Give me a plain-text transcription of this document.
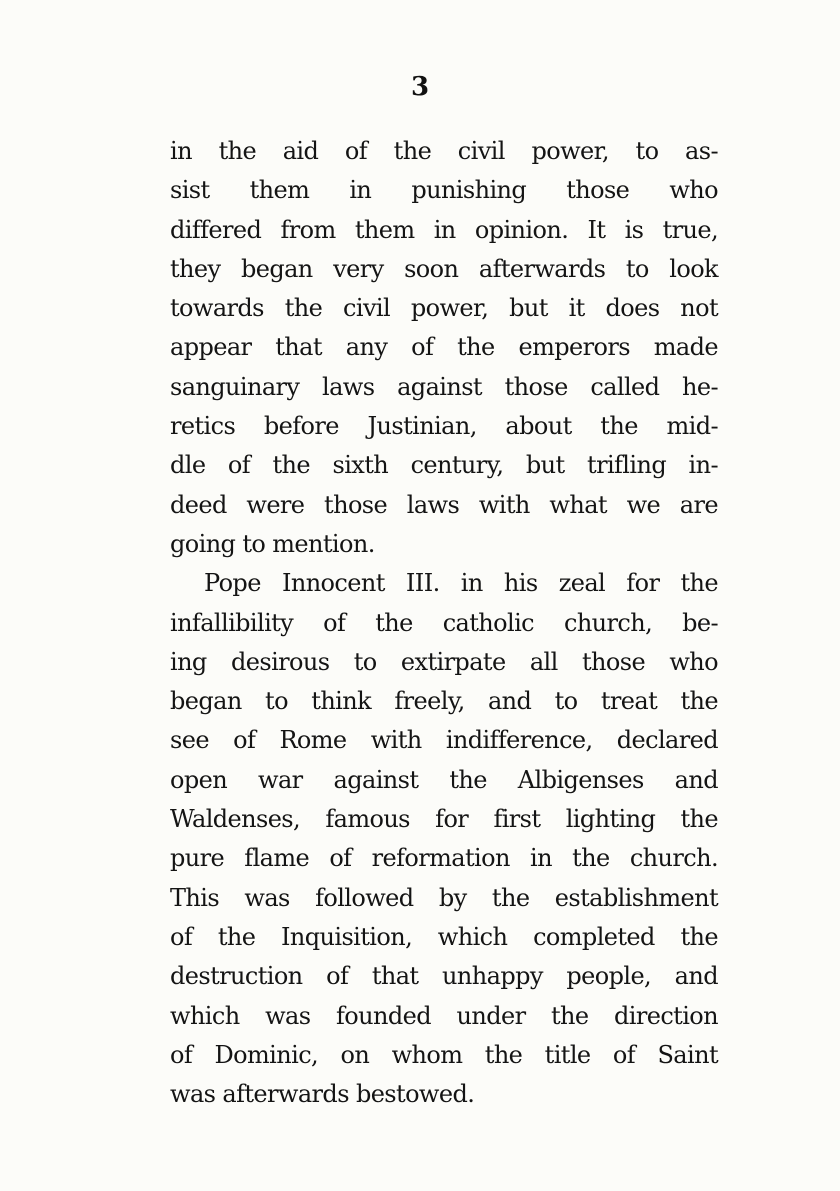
3
in the aid of the civil power, to as-
sist them in punishing those who
differed from them in opinion. It is true,
they began very soon afterwards to look
towards the civil power, but it does not
appear that any of the emperors made
sanguinary laws against those called he-
retics before Justinian, about the mid-
dle of the sixth century, but trifling in-
deed were those laws with what we are
going to mention.
Pope Innocent III. in his zeal for the
infallibility of the catholic church, be-
ing desirous to extirpate all those who
began to think freely, and to treat the
see of Rome with indifference, declared
open war against the Albigenses and
Waldenses, famous for first lighting the
pure flame of reformation in the church.
This was followed by the establishment
of the Inquisition, which completed the
destruction of that unhappy people, and
which was founded under the direction
of Dominic, on whom the title of Saint
was afterwards bestowed.
